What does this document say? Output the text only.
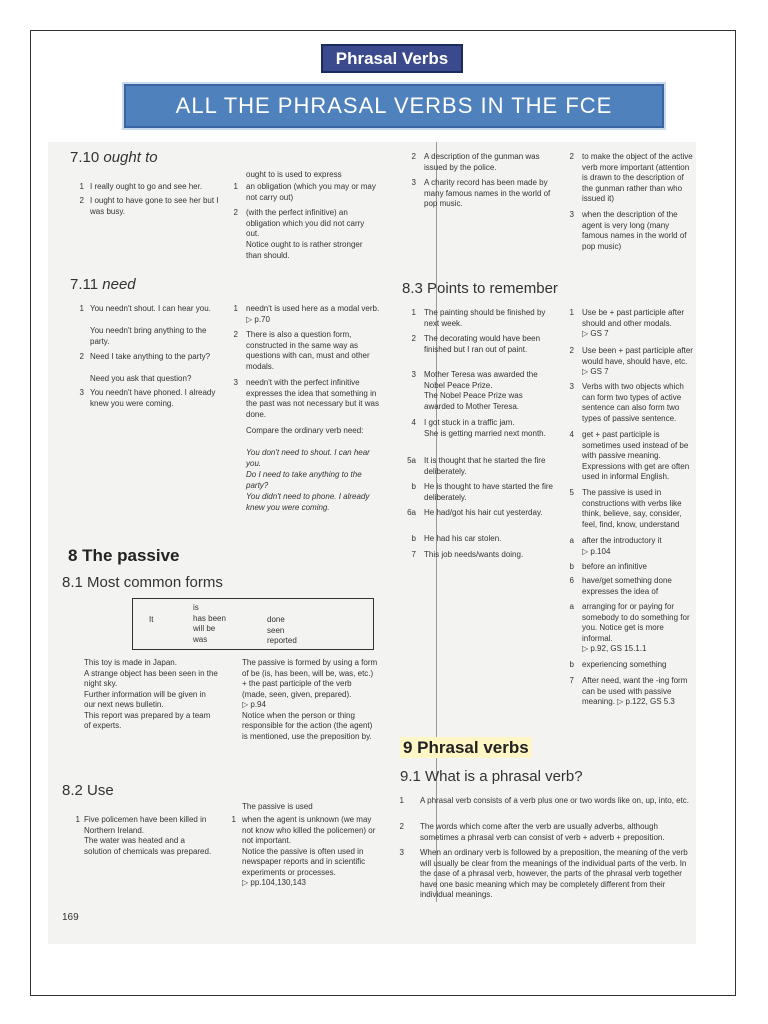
Phrasal Verbs
ALL THE PHRASAL VERBS IN THE FCE
7.10 ought to
1 I really ought to go and see her.
2 I ought to have gone to see her but I was busy.
ought to is used to express
1 an obligation (which you may or may not carry out)
2 (with the perfect infinitive) an obligation which you did not carry out.
Notice ought to is rather stronger than should.
7.11 need
1 You needn't shout. I can hear you.
You needn't bring anything to the party.
2 Need I take anything to the party?
Need you ask that question?
3 You needn't have phoned. I already knew you were coming.
1 needn't is used here as a modal verb. ▷ p.70
2 There is also a question form, constructed in the same way as questions with can, must and other modals.
3 needn't with the perfect infinitive expresses the idea that something in the past was not necessary but it was done.
Compare the ordinary verb need:
You don't need to shout. I can hear you.
Do I need to take anything to the party?
You didn't need to phone. I already knew you were coming.
8 The passive
8.1 Most common forms
It
is
has been
will be
was
done
seen
reported
This toy is made in Japan.
A strange object has been seen in the night sky.
Further information will be given in our next news bulletin.
This report was prepared by a team of experts.
The passive is formed by using a form of be (is, has been, will be, was, etc.) + the past participle of the verb (made, seen, given, prepared).
▷ p.94
Notice when the person or thing responsible for the action (the agent) is mentioned, use the preposition by.
8.2 Use
The passive is used
1 Five policemen have been killed in Northern Ireland.
The water was heated and a solution of chemicals was prepared.
1 when the agent is unknown (we may not know who killed the policemen) or not important.
Notice the passive is often used in newspaper reports and in scientific experiments or processes.
▷ pp.104,130,143
169
2 A description of the gunman was issued by the police.
3 A charity record has been made by many famous names in the world of pop music.
2 to make the object of the active verb more important (attention is drawn to the description of the gunman rather than who issued it)
3 when the description of the agent is very long (many famous names in the world of pop music)
8.3 Points to remember
1 The painting should be finished by next week.
2 The decorating would have been finished but I ran out of paint.
3 Mother Teresa was awarded the Nobel Peace Prize.
The Nobel Peace Prize was awarded to Mother Teresa.
4 I got stuck in a traffic jam.
She is getting married next month.
5a It is thought that he started the fire deliberately.
b He is thought to have started the fire deliberately.
6a He had/got his hair cut yesterday.
b He had his car stolen.
7 This job needs/wants doing.
1 Use be + past participle after should and other modals.
▷ GS 7
2 Use been + past participle after would have, should have, etc.
▷ GS 7
3 Verbs with two objects which can form two types of active sentence can also form two types of passive sentence.
4 get + past participle is sometimes used instead of be with passive meaning. Expressions with get are often used in informal English.
5 The passive is used in constructions with verbs like think, believe, say, consider, feel, find, know, understand
a after the introductory it
▷ p.104
b before an infinitive
6 have/get something done expresses the idea of
a arranging for or paying for somebody to do something for you. Notice get is more informal.
▷ p.92, GS 15.1.1
b experiencing something
7 After need, want the -ing form can be used with passive meaning. ▷ p.122, GS 5.3
9 Phrasal verbs
9.1 What is a phrasal verb?
1 A phrasal verb consists of a verb plus one or two words like on, up, into, etc.
2 The words which come after the verb are usually adverbs, although sometimes a phrasal verb can consist of verb + adverb + preposition.
3 When an ordinary verb is followed by a preposition, the meaning of the verb will usually be clear from the meanings of the individual parts of the verb. In the case of a phrasal verb, however, the parts of the phrasal verb together have one basic meaning which may be completely different from their individual meanings.
